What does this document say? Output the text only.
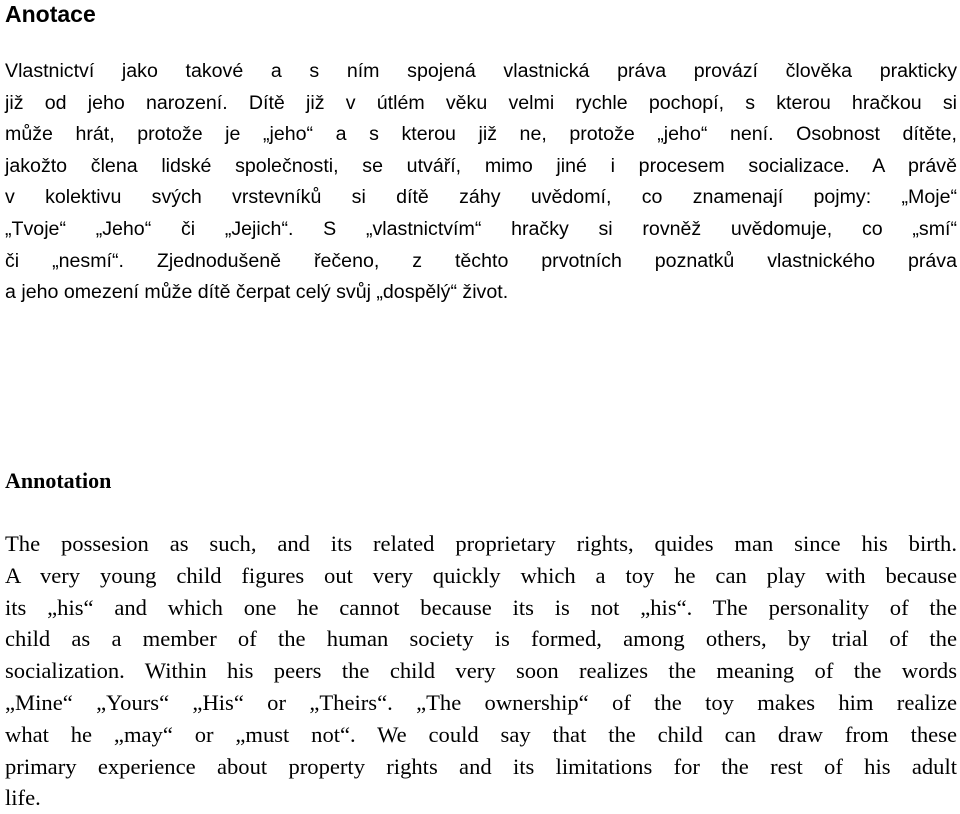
Anotace
Vlastnictví jako takové a s ním spojená vlastnická práva provází člověka prakticky
již od jeho narození. Dítě již v útlém věku velmi rychle pochopí, s kterou hračkou si
může hrát, protože je „jeho“ a s kterou již ne, protože „jeho“ není. Osobnost dítěte,
jakožto člena lidské společnosti, se utváří, mimo jiné i procesem socializace. A právě
v kolektivu svých vrstevníků si dítě záhy uvědomí, co znamenají pojmy: „Moje“
„Tvoje“ „Jeho“ či „Jejich“. S „vlastnictvím“ hračky si rovněž uvědomuje, co „smí“
či „nesmí“. Zjednodušeně řečeno, z těchto prvotních poznatků vlastnického práva
a jeho omezení může dítě čerpat celý svůj „dospělý“ život.
Annotation
The possesion as such, and its related proprietary rights, quides man since his birth.
A very young child figures out very quickly which a toy he can play with because
its „his“ and which one he cannot because its is not „his“. The personality of the
child as a member of the human society is formed, among others, by trial of the
socialization. Within his peers the child very soon realizes the meaning of the words
„Mine“ „Yours“ „His“ or „Theirs“. „The ownership“ of the toy makes him realize
what he „may“ or „must not“. We could say that the child can draw from these
primary experience about property rights and its limitations for the rest of his adult
life.
